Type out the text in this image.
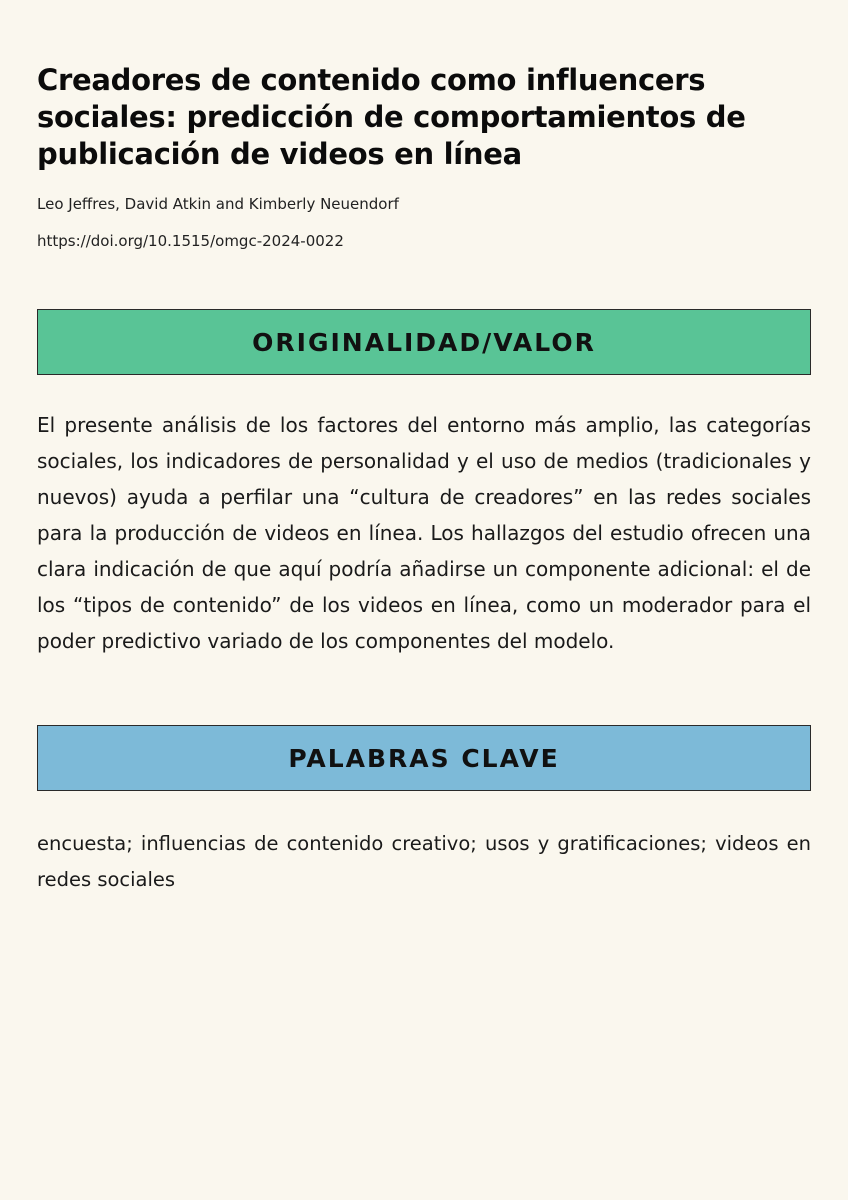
Creadores de contenido como influencers sociales: predicción de comportamientos de publicación de videos en línea

Leo Jeffres, David Atkin and Kimberly Neuendorf

https://doi.org/10.1515/omgc-2024-0022

ORIGINALIDAD/VALOR

El presente análisis de los factores del entorno más amplio, las categorías sociales, los indicadores de personalidad y el uso de medios (tradicionales y nuevos) ayuda a perfilar una “cultura de creadores” en las redes sociales para la producción de videos en línea. Los hallazgos del estudio ofrecen una clara indicación de que aquí podría añadirse un componente adicional: el de los “tipos de contenido” de los videos en línea, como un moderador para el poder predictivo variado de los componentes del modelo.

PALABRAS CLAVE

encuesta; influencias de contenido creativo; usos y gratificaciones; videos en redes sociales
